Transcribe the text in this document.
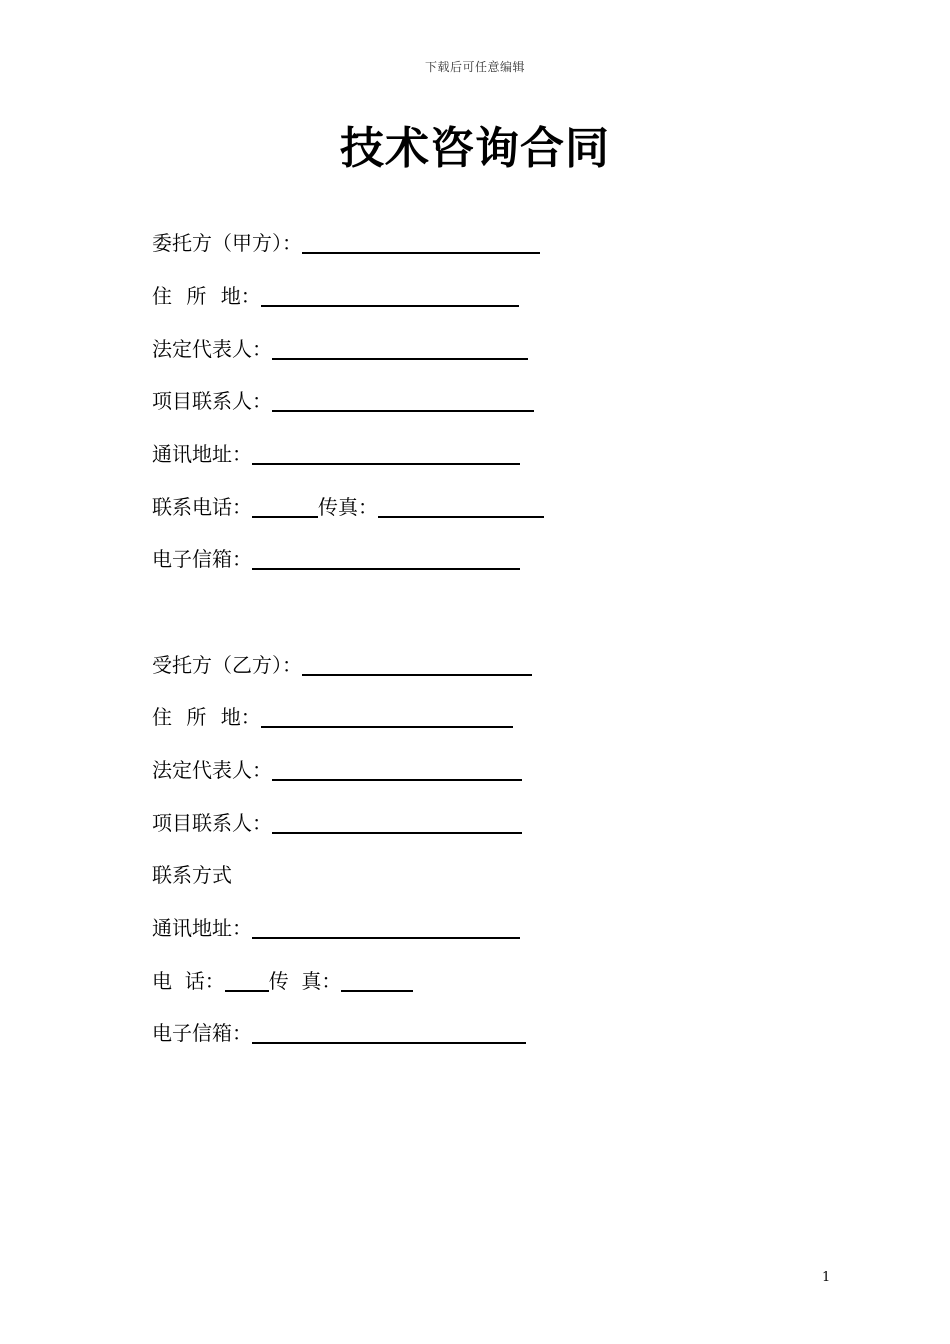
下载后可任意编辑
技术咨询合同
委托方（甲方）：
住 所 地：
法定代表人：
项目联系人：
通讯地址：
联系电话：	传真：
电子信箱：
受托方（乙方）：
住 所 地：
法定代表人：
项目联系人：
联系方式
通讯地址：
电  话： 传  真：
电子信箱：
1
